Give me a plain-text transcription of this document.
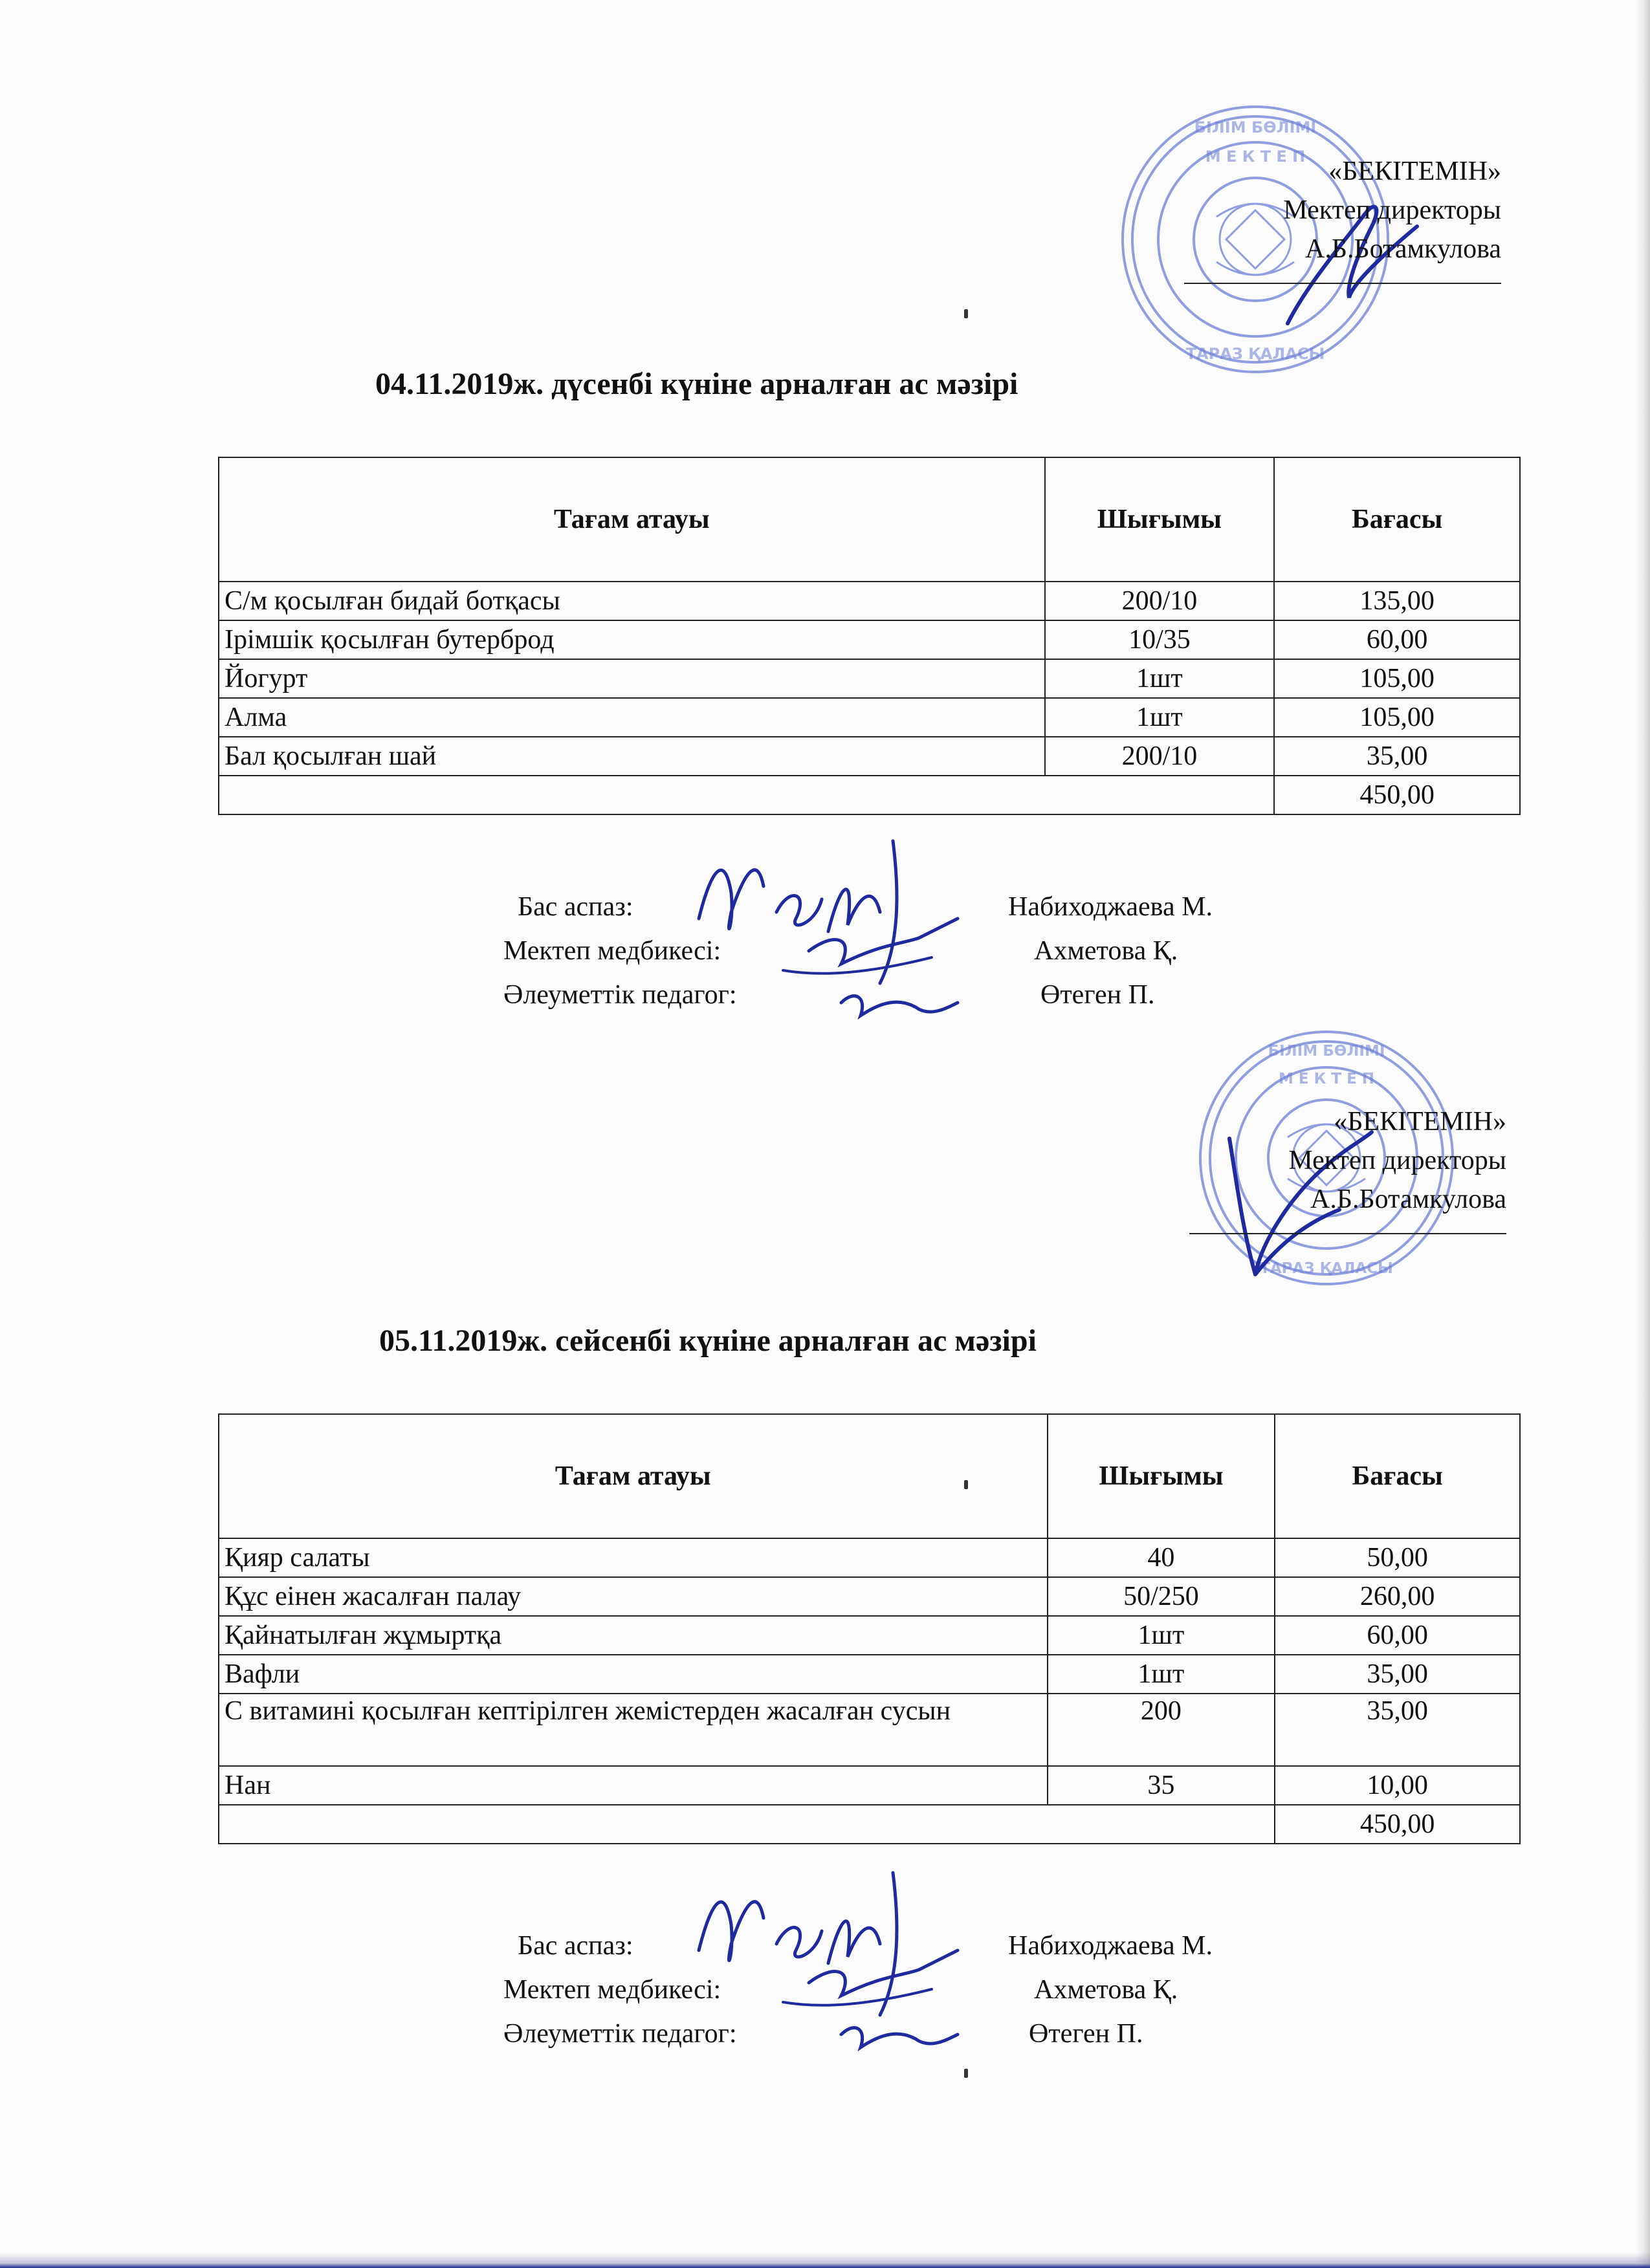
БІЛІМ БӨЛІМІ
М Е К Т Е П
ТАРАЗ ҚАЛАСЫ
«БЕКІТЕМІН»
Мектеп директоры
А.Б.Ботамкулова
04.11.2019ж. дүсенбі күніне арналған ас мәзірі
Тағам атауы	Шығымы	Бағасы
С/м қосылған бидай ботқасы	200/10	135,00
Ірімшік қосылған бутерброд	10/35	60,00
Йогурт	1шт	105,00
Алма	1шт	105,00
Бал қосылған шай	200/10	35,00
		450,00
Бас аспаз:	Набиходжаева М.
Мектеп медбикесі:	Ахметова Қ.
Әлеуметтік педагог:	Өтеген П.
БІЛІМ БӨЛІМІ
М Е К Т Е П
ТАРАЗ ҚАЛАСЫ
«БЕКІТЕМІН»
Мектеп директоры
А.Б.Ботамкулова
05.11.2019ж. сейсенбі күніне арналған ас мәзірі
Тағам атауы	Шығымы	Бағасы
Қияр салаты	40	50,00
Құс еінен жасалған палау	50/250	260,00
Қайнатылған жұмыртқа	1шт	60,00
Вафли	1шт	35,00
С витамині қосылған кептірілген жемістерден жасалған сусын	200	35,00
Нан	35	10,00
		450,00
Бас аспаз:	Набиходжаева М.
Мектеп медбикесі:	Ахметова Қ.
Әлеуметтік педагог:	Өтеген П.
